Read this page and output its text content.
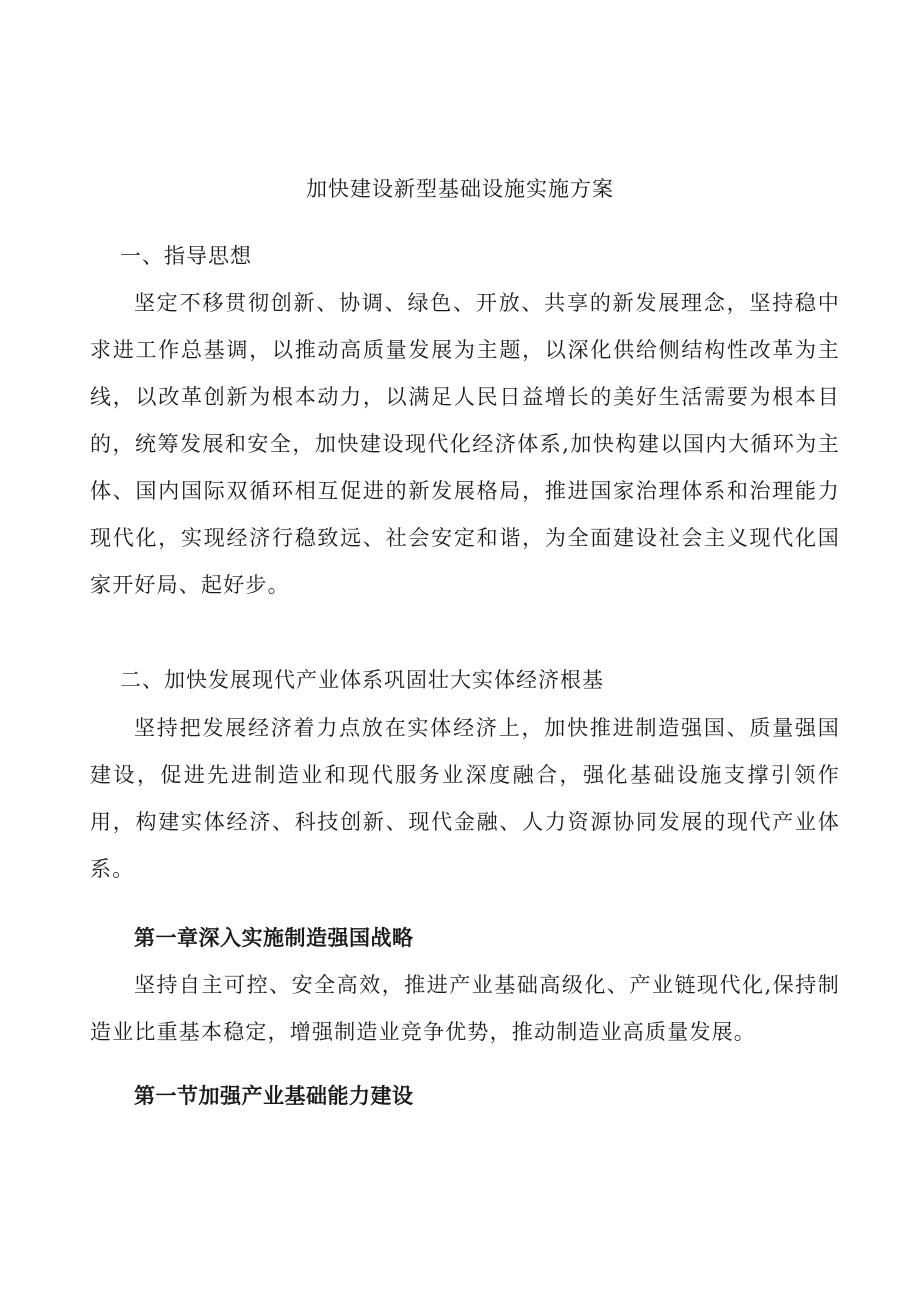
加快建设新型基础设施实施方案
一、指导思想

坚定不移贯彻创新、协调、绿色、开放、共享的新发展理念，坚持稳中求进工作总基调，以推动高质量发展为主题，以深化供给侧结构性改革为主线，以改革创新为根本动力，以满足人民日益增长的美好生活需要为根本目的，统筹发展和安全，加快建设现代化经济体系,加快构建以国内大循环为主体、国内国际双循环相互促进的新发展格局，推进国家治理体系和治理能力现代化，实现经济行稳致远、社会安定和谐，为全面建设社会主义现代化国家开好局、起好步。

二、加快发展现代产业体系巩固壮大实体经济根基

坚持把发展经济着力点放在实体经济上，加快推进制造强国、质量强国建设，促进先进制造业和现代服务业深度融合，强化基础设施支撑引领作用，构建实体经济、科技创新、现代金融、人力资源协同发展的现代产业体系。

第一章深入实施制造强国战略

坚持自主可控、安全高效，推进产业基础高级化、产业链现代化,保持制造业比重基本稳定，增强制造业竞争优势，推动制造业高质量发展。

第一节加强产业基础能力建设
